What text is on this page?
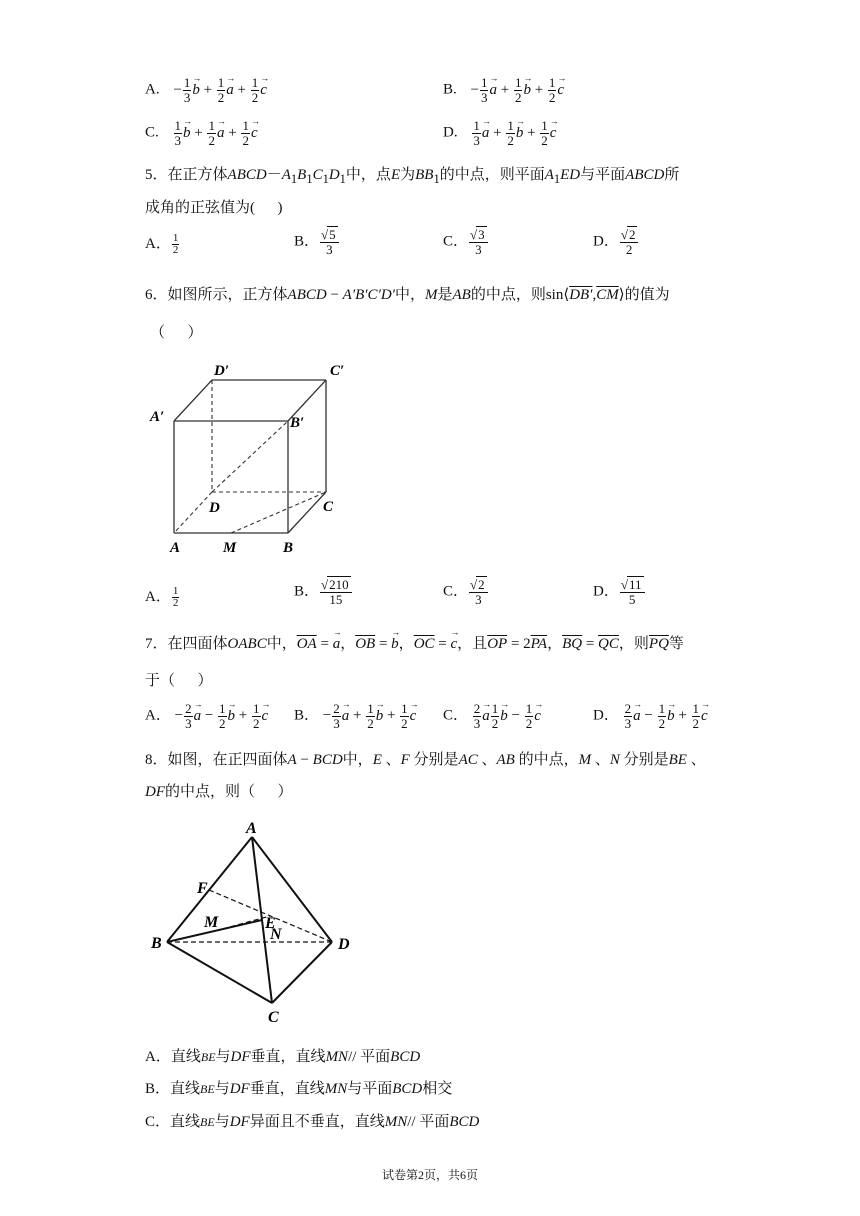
A. − $\frac{1}{3}$ b → + $\frac{1}{2}$ a → + $\frac{1}{2}$ c →	B. − $\frac{1}{3}$ a → + $\frac{1}{2}$ b → + $\frac{1}{2}$ c →
C. $\frac{1}{3}$ b → + $\frac{1}{2}$ a → + $\frac{1}{2}$ c →	D. $\frac{1}{3}$ a → + $\frac{1}{2}$ b → + $\frac{1}{2}$ c →
5．在正方体$ABCD-A_1B_1C_1D_1$中，点E为$BB_1$的中点，则平面$A_1ED$与平面ABCD所
成角的正弦值为(      )
A． $\frac{1}{2}$	B． $\frac{√5}{3}$	C． $\frac{√3}{3}$	D． $\frac{√2}{2}$
6．如图所示，正方体ABCD − A′B′C′D′中，M是AB的中点，则$\sin⟨DB',\overline{CM}⟩$的值为
（      ）
D′	C′
A′	B′
D	C
A	M	B
A． $\frac{1}{2}$	B． $\frac{√210}{15}$	C． $\frac{√2}{3}$	D． $\frac{√11}{5}$
7．在四面体OABC中，$\overline{OA} = a$ →，$\overline{OB} = b$ →，$\overline{OC} = c$ →，且$\overline{OP} = 2\overline{PA}$，$\overline{BQ} = \overline{QC}$，则$\overline{PQ}$等
于（      ）
A． − $\frac{2}{3}$ a → − $\frac{1}{2}$ b → + $\frac{1}{2}$ c → B． − $\frac{2}{3}$ a → + $\frac{1}{2}$ b → + $\frac{1}{2}$ c → C． $\frac{2}{3}$ $a \to \frac{1}{2}$ b → − $\frac{1}{2}$ c →	D． $\frac{2}{3}$ a → − $\frac{1}{2}$ b → + $\frac{1}{2}$ c →
8．如图，在正四面体A − BCD中，E 、F 分别是AC 、AB 的中点，M 、N 分别是BE 、
DF的中点，则（      ）
A
F
N
M	E
B	D
C
A．直线BE与DF垂直，直线MN// 平面BCD
B．直线BE与DF垂直，直线MN与平面BCD相交
C．直线BE与DF异面且不垂直，直线MN// 平面BCD
试卷第2页，共6页
